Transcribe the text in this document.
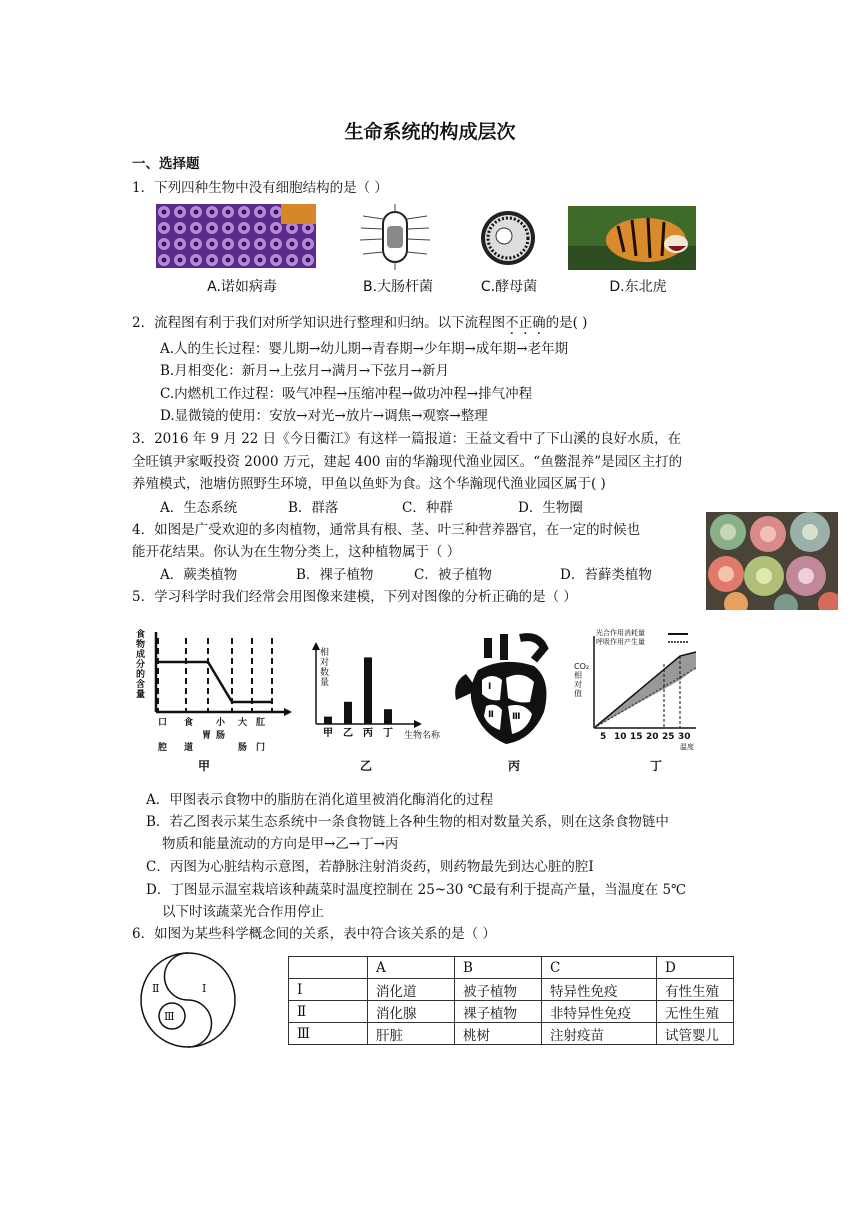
生命系统的构成层次
一、选择题
1．下列四种生物中没有细胞结构的是（ ）
A.诺如病毒	B.大肠杆菌	C.酵母菌	D.东北虎
2．流程图有利于我们对所学知识进行整理和归纳。以下流程图不正确的是( )
A.人的生长过程：婴儿期→幼儿期→青春期→少年期→成年期→老年期
B.月相变化：新月→上弦月→满月→下弦月→新月
C.内燃机工作过程：吸气冲程→压缩冲程→做功冲程→排气冲程
D.显微镜的使用：安放→对光→放片→调焦→观察→整理
3．2016 年 9 月 22 日《今日衢江》有这样一篇报道：王益文看中了下山溪的良好水质，在
全旺镇尹家畈投资 2000 万元，建起 400 亩的华瀚现代渔业园区。“鱼鳖混养”是园区主打的
养殖模式，池塘仿照野生环境，甲鱼以鱼虾为食。这个华瀚现代渔业园区属于( )
A．生态系统	B．群落	C．种群	D．生物圈
4．如图是广受欢迎的多肉植物，通常具有根、茎、叶三种营养器官，在一定的时候也
能开花结果。你认为在生物分类上，这种植物属于（ ）
A．蕨类植物	B．裸子植物	C．被子植物	D．苔藓类植物
5．学习科学时我们经常会用图像来建模，下列对图像的分析正确的是（ ）
食物成分的含量
口 食	小 大 肛
腔 道
胃 肠
肠 门
甲
甲 乙 丙 丁
相对数量
生物名称
乙
Ⅰ
Ⅱ Ⅲ
丙
光合作用消耗量
呼吸作用产生量
CO₂相对值
5 10 15 20 25 30
温度
丁
A．甲图表示食物中的脂肪在消化道里被消化酶消化的过程
B．若乙图表示某生态系统中一条食物链上各种生物的相对数量关系，则在这条食物链中
物质和能量流动的方向是甲→乙→丁→丙
C．丙图为心脏结构示意图，若静脉注射消炎药，则药物最先到达心脏的腔Ⅰ
D．丁图显示温室栽培该种蔬菜时温度控制在 25~30 ℃最有利于提高产量，当温度在 5℃
以下时该蔬菜光合作用停止
6．如图为某些科学概念间的关系，表中符合该关系的是（ ）
Ⅱ	Ⅰ
Ⅲ
	A	B	C	D
Ⅰ	消化道	被子植物	特异性免疫	有性生殖
Ⅱ	消化腺	裸子植物	非特异性免疫	无性生殖
Ⅲ	肝脏	桃树	注射疫苗	试管婴儿
